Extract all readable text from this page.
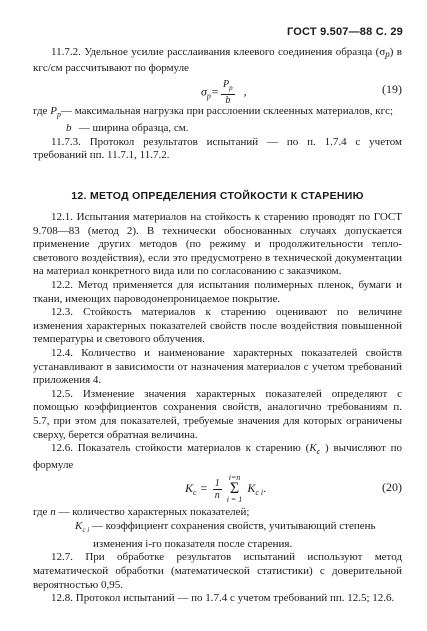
ГОСТ 9.507—88 С. 29

11.7.2. Удельное усилие расслаивания клеевого соединения образца (σр) в кгс/см рассчитывают по формуле

$\sigma_р= \frac{P_р}{b}$ ,	(19)

где $P_р—$ максимальная нагрузка при расслоении склеенных материалов, кгс;

b — ширина образца, см.

11.7.3. Протокол результатов испытаний — по п. 1.7.4 с учетом требований пп. 11.7.1, 11.7.2.

12. МЕТОД ОПРЕДЕЛЕНИЯ СТОЙКОСТИ К СТАРЕНИЮ

12.1. Испытания материалов на стойкость к старению проводят по ГОСТ 9.708—83 (метод 2). В технически обоснованных случаях допускается применение других методов (по режиму и продолжительности тепло-светового воздействия), если это предусмотрено в технической документации на материал конкретного вида или по согласованию с заказчиком.

12.2. Метод применяется для испытания полимерных пленок, бумаги и ткани, имеющих пароводонепроницаемое покрытие.

12.3. Стойкость материалов к старению оценивают по величине изменения характерных показателей свойств после воздействия повышенной температуры и светового облучения.

12.4. Количество и наименование характерных показателей свойств устанавливают в зависимости от назначения материалов с учетом требований приложения 4.

12.5. Изменение значения характерных показателей определяют с помощью коэффициентов сохранения свойств, аналогично требованиям п. 5.7, при этом для показателей, требуемые значения для которых ограничены сверху, берется обратная величина.

12.6. Показатель стойкости материалов к старению ($K_c$ ) вычисляют по формуле

$K_c = \frac{1}{n} i=n$
Σ
i = 1 $K_{c i}$.	(20)

где n — количество характерных показателей;

$K_{c i}$ — коэффициент сохранения свойств, учитывающий степень изменения i-го показателя после старения.

12.7. При обработке результатов испытаний используют метод математической обработки (математической статистики) с доверительной вероятностью 0,95.

12.8. Протокол испытаний — по 1.7.4 с учетом требований пп. 12.5; 12.6.
